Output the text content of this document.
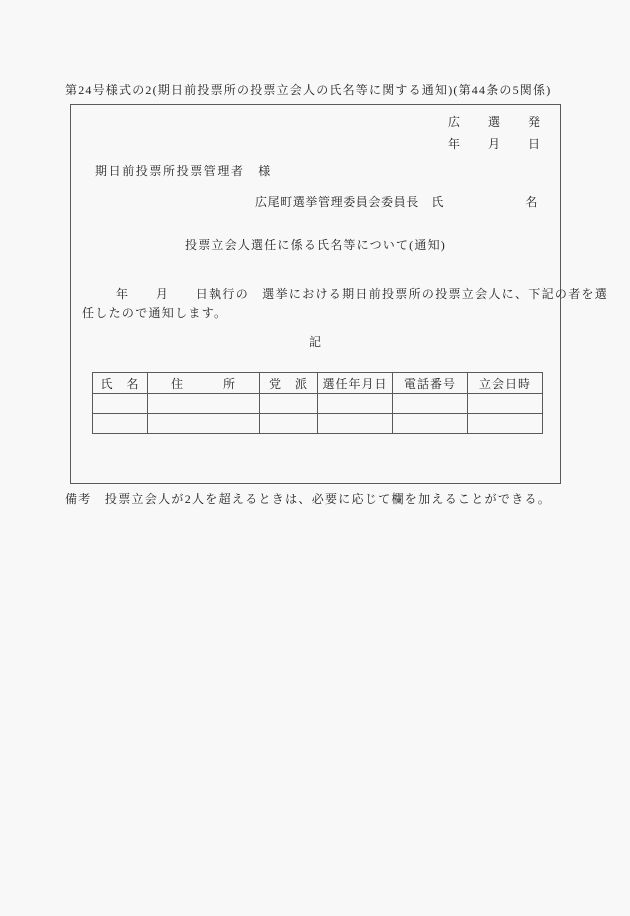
第24号様式の2(期日前投票所の投票立会人の氏名等に関する通知)(第44条の5関係)
広 選 発
年 月 日
期日前投票所投票管理者　様
広尾町選挙管理委員会委員長　氏	名
投票立会人選任に係る氏名等について(通知)
年　　月　　日執行の　選挙における期日前投票所の投票立会人に、下記の者を選
任したので通知します。
記
氏　名	住　　　所	党　派	選任年月日	電話番号	立会日時

備考　投票立会人が2人を超えるときは、必要に応じて欄を加えることができる。
